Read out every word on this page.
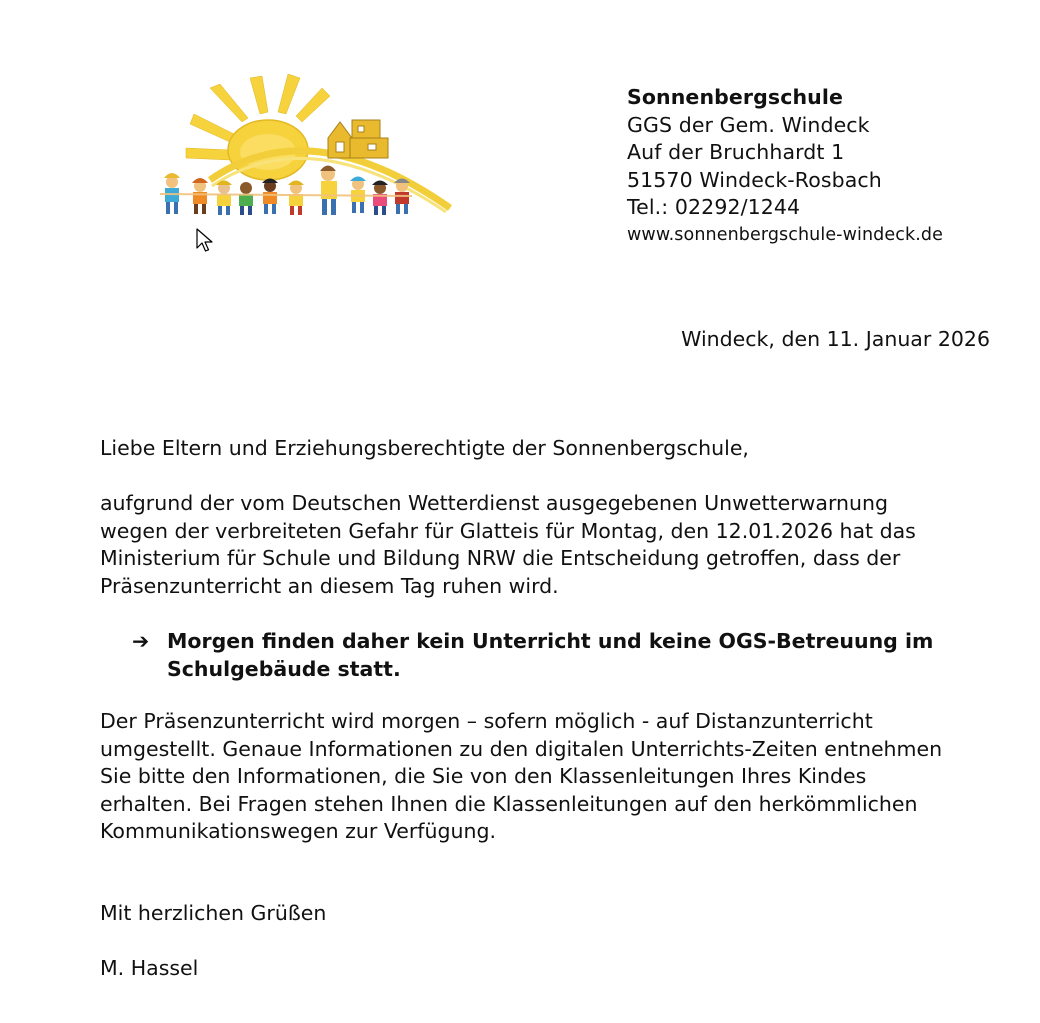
Sonnenbergschule
GGS der Gem. Windeck
Auf der Bruchhardt 1
51570 Windeck-Rosbach
Tel.: 02292/1244
www.sonnenbergschule-windeck.de
Windeck, den 11. Januar 2026
Liebe Eltern und Erziehungsberechtigte der Sonnenbergschule,
aufgrund der vom Deutschen Wetterdienst ausgegebenen Unwetterwarnung
wegen der verbreiteten Gefahr für Glatteis für Montag, den 12.01.2026 hat das
Ministerium für Schule und Bildung NRW die Entscheidung getroffen, dass der
Präsenzunterricht an diesem Tag ruhen wird.
➔ Morgen finden daher kein Unterricht und keine OGS-Betreuung im
Schulgebäude statt.
Der Präsenzunterricht wird morgen – sofern möglich - auf Distanzunterricht
umgestellt. Genaue Informationen zu den digitalen Unterrichts-Zeiten entnehmen
Sie bitte den Informationen, die Sie von den Klassenleitungen Ihres Kindes
erhalten. Bei Fragen stehen Ihnen die Klassenleitungen auf den herkömmlichen
Kommunikationswegen zur Verfügung.
Mit herzlichen Grüßen
M. Hassel
